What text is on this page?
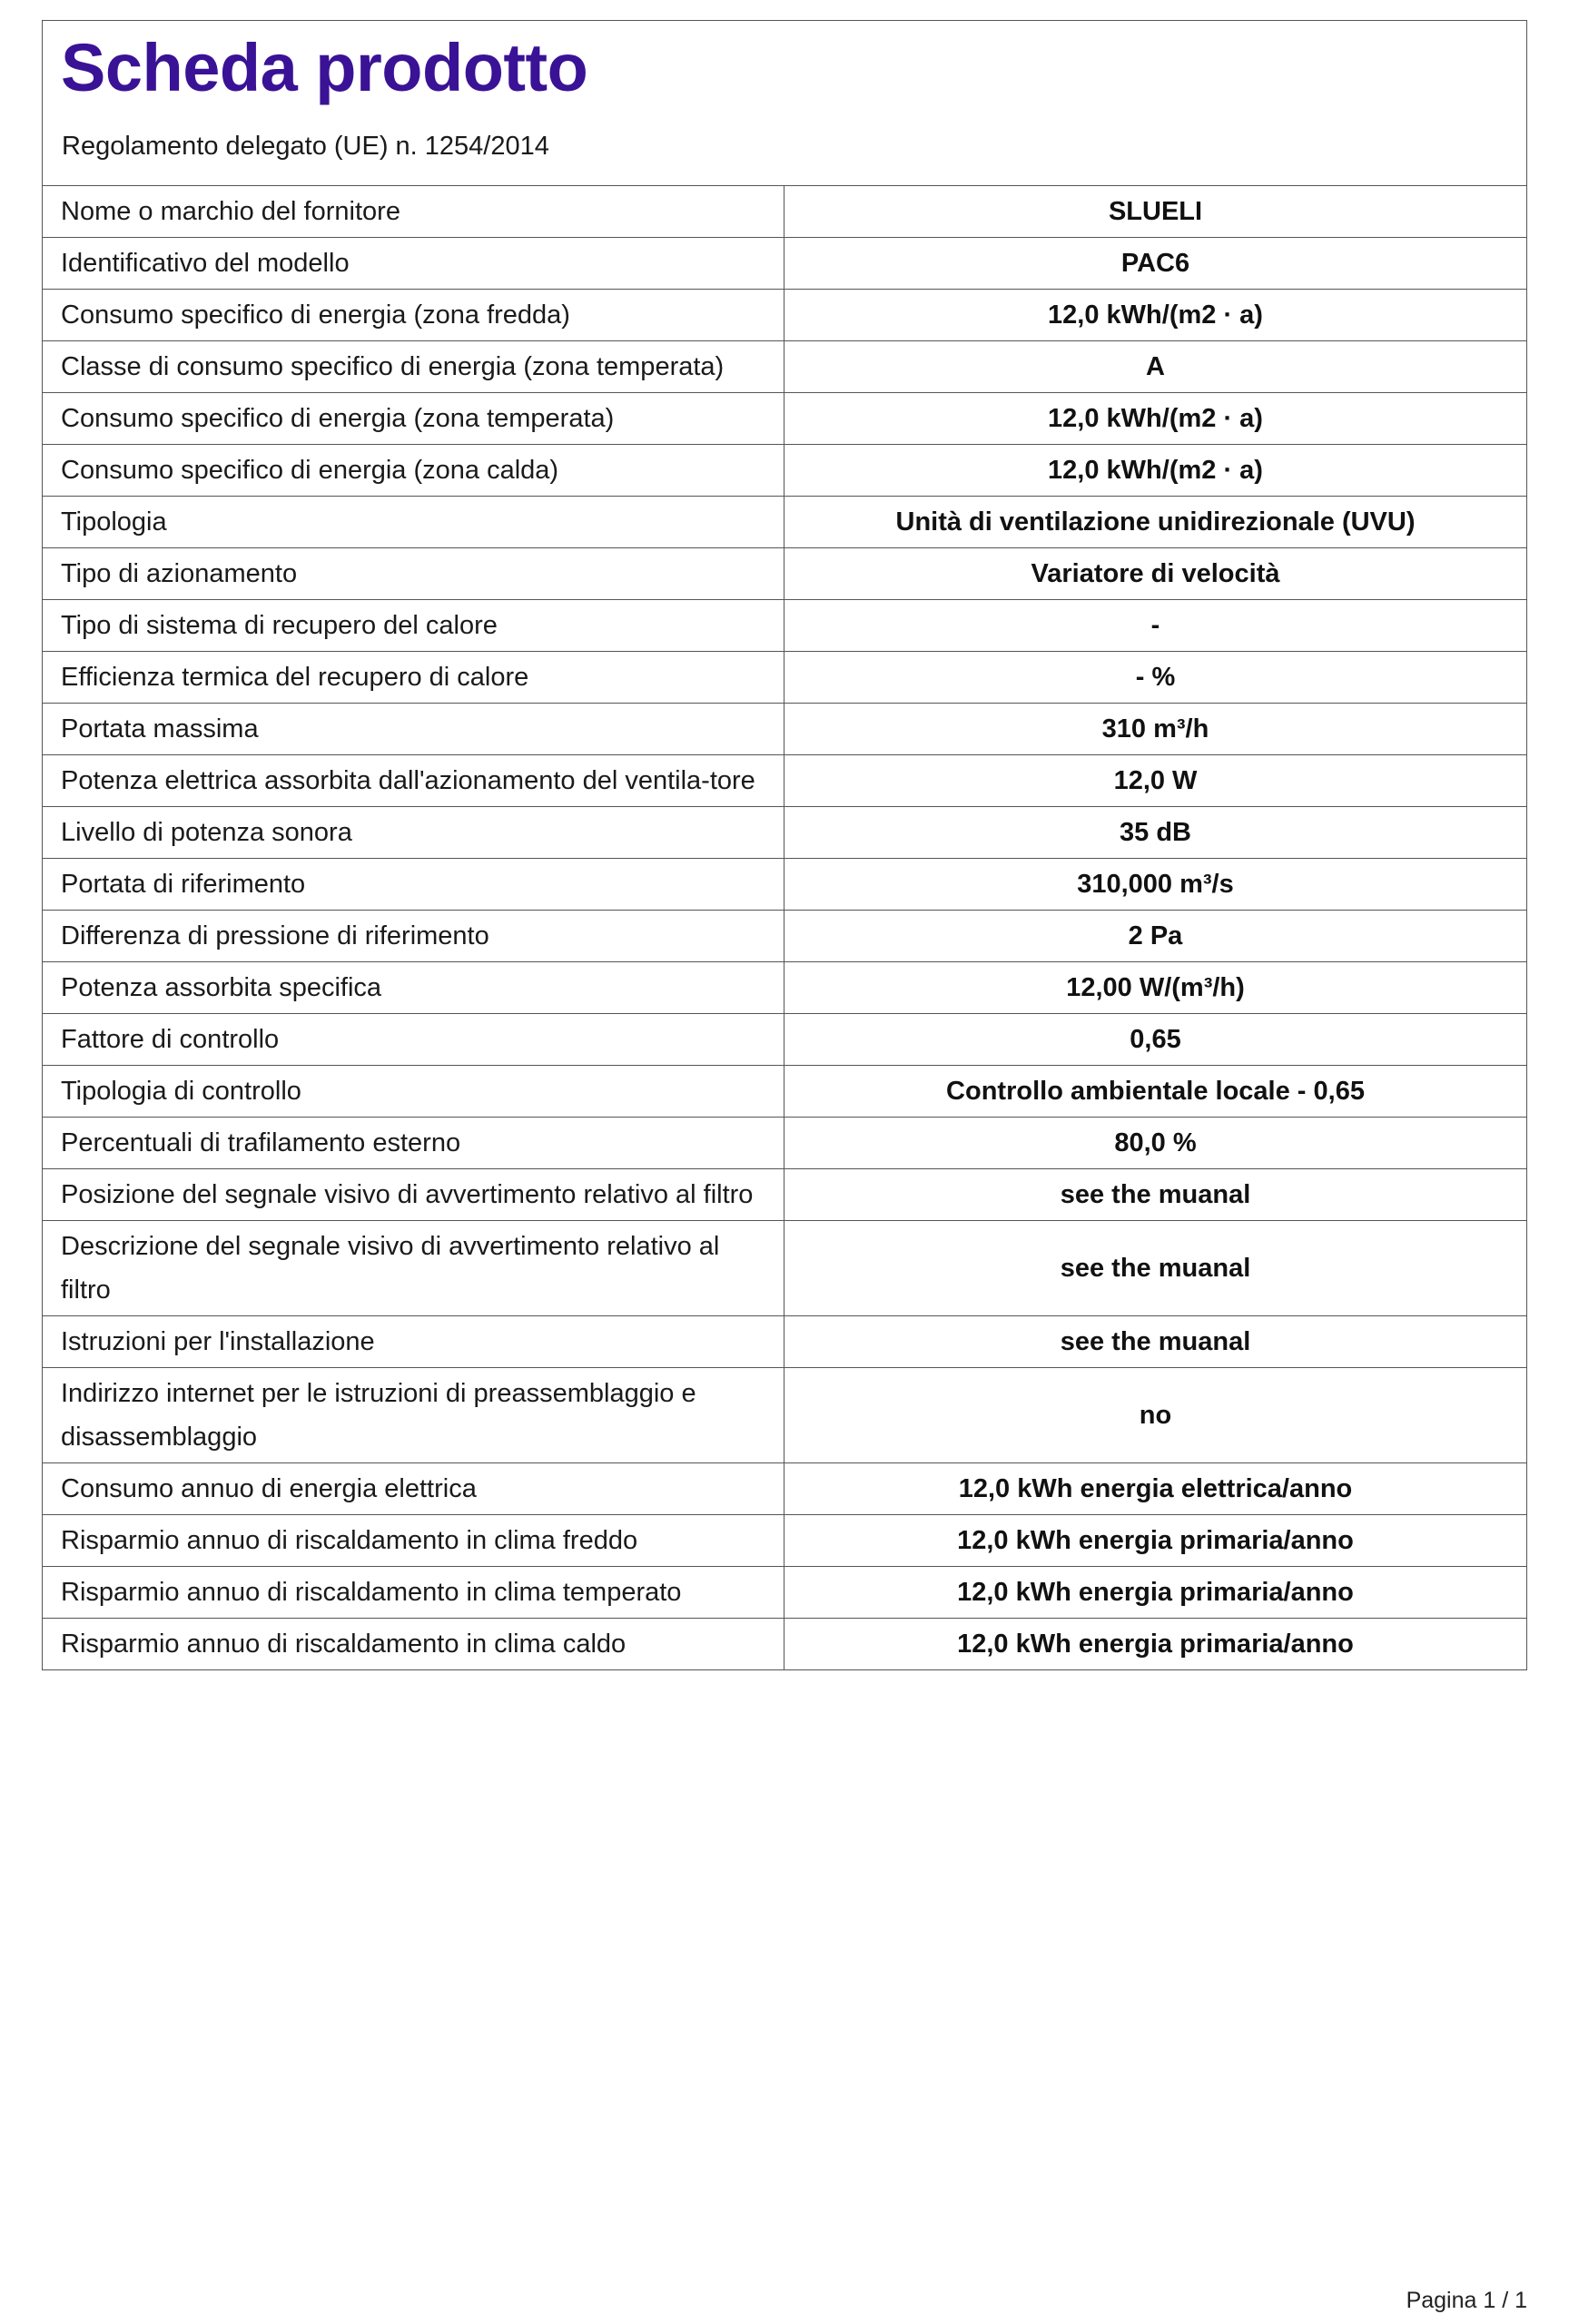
Scheda prodotto
Regolamento delegato (UE) n. 1254/2014
Nome o marchio del fornitore	SLUELI
Identificativo del modello	PAC6
Consumo specifico di energia (zona fredda)	12,0 kWh/(m2 · a)
Classe di consumo specifico di energia (zona temperata)	A
Consumo specifico di energia (zona temperata)	12,0 kWh/(m2 · a)
Consumo specifico di energia (zona calda)	12,0 kWh/(m2 · a)
Tipologia	Unità di ventilazione unidirezionale (UVU)
Tipo di azionamento	Variatore di velocità
Tipo di sistema di recupero del calore	-
Efficienza termica del recupero di calore	- %
Portata massima	310 m³/h
Potenza elettrica assorbita dall'azionamento del ventila-tore	12,0 W
Livello di potenza sonora	35 dB
Portata di riferimento	310,000 m³/s
Differenza di pressione di riferimento	2 Pa
Potenza assorbita specifica	12,00 W/(m³/h)
Fattore di controllo	0,65
Tipologia di controllo	Controllo ambientale locale - 0,65
Percentuali di trafilamento esterno	80,0 %
Posizione del segnale visivo di avvertimento relativo al filtro	see the muanal
Descrizione del segnale visivo di avvertimento relativo al filtro	see the muanal
Istruzioni per l'installazione	see the muanal
Indirizzo internet per le istruzioni di preassemblaggio e disassemblaggio	no
Consumo annuo di energia elettrica	12,0 kWh energia elettrica/anno
Risparmio annuo di riscaldamento in clima freddo	12,0 kWh energia primaria/anno
Risparmio annuo di riscaldamento in clima temperato	12,0 kWh energia primaria/anno
Risparmio annuo di riscaldamento in clima caldo	12,0 kWh energia primaria/anno
Pagina 1 / 1
